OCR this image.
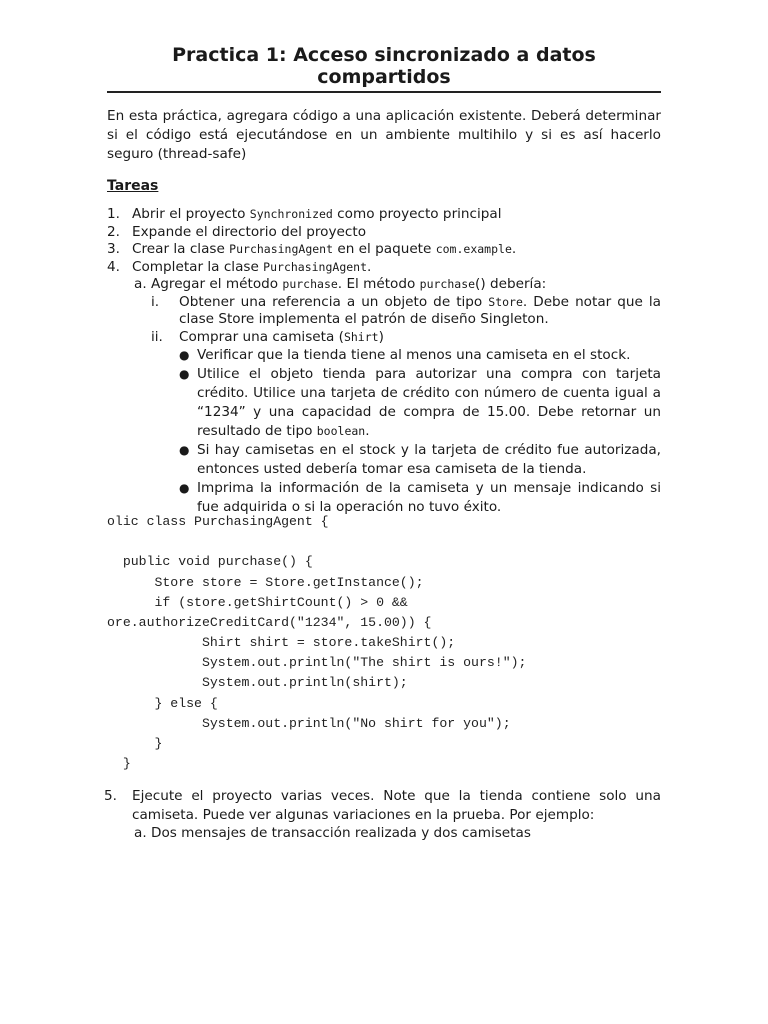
Practica 1: Acceso sincronizado a datos compartidos
En esta práctica, agregara código a una aplicación existente. Deberá determinar si el código está ejecutándose en un ambiente multihilo y si es así hacerlo seguro (thread-safe)
Tareas
1. Abrir el proyecto Synchronized como proyecto principal
2. Expande el directorio del proyecto
3. Crear la clase PurchasingAgent en el paquete com.example.
4. Completar la clase PurchasingAgent.
a. Agregar el método purchase. El método purchase() debería:
i. Obtener una referencia a un objeto de tipo Store. Debe notar que la clase Store implementa el patrón de diseño Singleton.
ii. Comprar una camiseta (Shirt)
● Verificar que la tienda tiene al menos una camiseta en el stock.
● Utilice el objeto tienda para autorizar una compra con tarjeta crédito. Utilice una tarjeta de crédito con número de cuenta igual a “1234” y una capacidad de compra de 15.00. Debe retornar un resultado de tipo boolean.
● Si hay camisetas en el stock y la tarjeta de crédito fue autorizada, entonces usted debería tomar esa camiseta de la tienda.
● Imprima la información de la camiseta y un mensaje indicando si fue adquirida o si la operación no tuvo éxito.

olic class PurchasingAgent {

public void purchase() {

Store store = Store.getInstance();

if (store.getShirtCount() > 0 &&

ore.authorizeCreditCard("1234", 15.00)) {

Shirt shirt = store.takeShirt();

System.out.println("The shirt is ours!");

System.out.println(shirt);

} else {

System.out.println("No shirt for you");

}

}

5. Ejecute el proyecto varias veces. Note que la tienda contiene solo una camiseta. Puede ver algunas variaciones en la prueba. Por ejemplo:
a. Dos mensajes de transacción realizada y dos camisetas
